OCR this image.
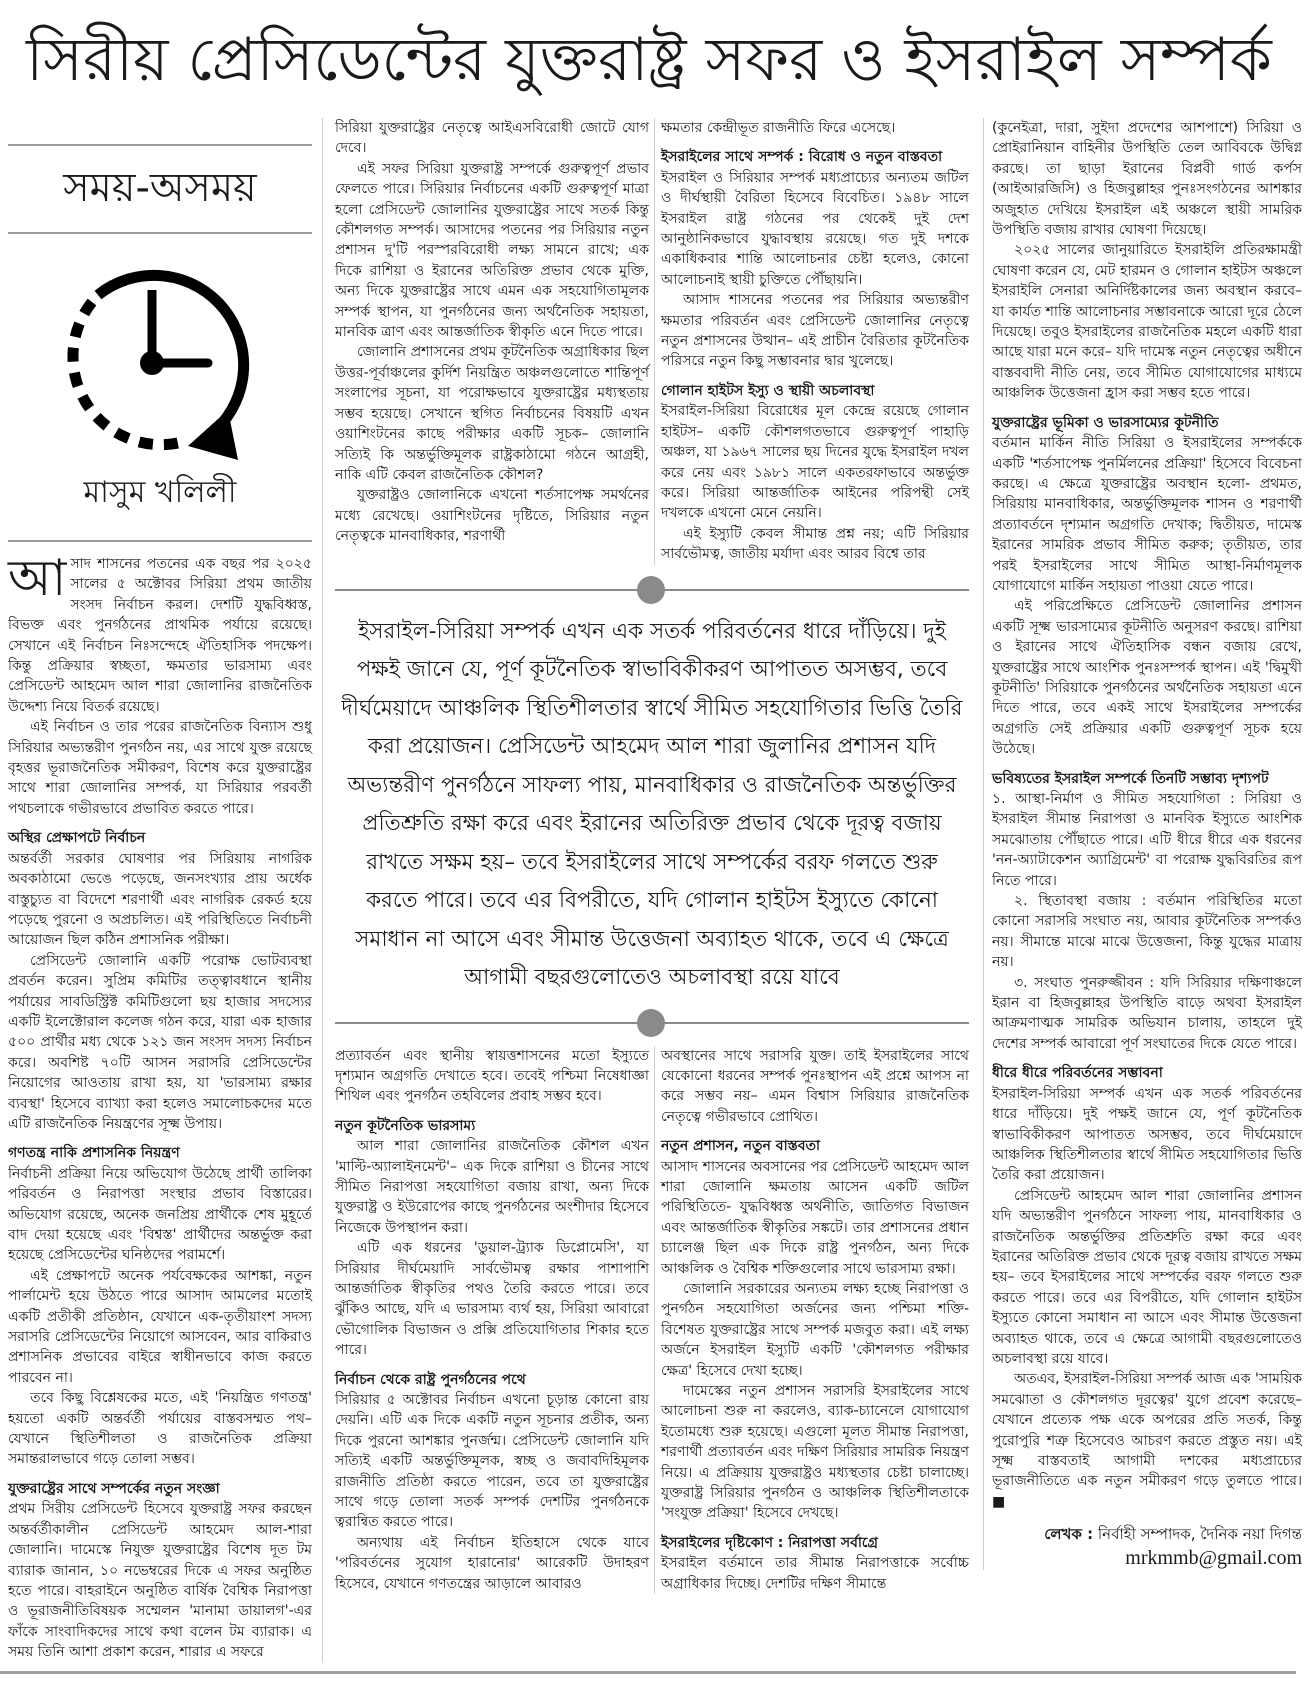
সিরীয় প্রেসিডেন্টের যুক্তরাষ্ট্র সফর ও ইসরাইল সম্পর্ক
সময়-অসময়
মাসুম খলিলী
আ সাদ শাসনের পতনের এক বছর পর ২০২৫ সালের ৫ অক্টোবর সিরিয়া প্রথম জাতীয় সংসদ নির্বাচন করল। দেশটি যুদ্ধবিধ্বস্ত, বিভক্ত এবং পুনর্গঠনের প্রাথমিক পর্যায়ে রয়েছে। সেখানে এই নির্বাচন নিঃসন্দেহে ঐতিহাসিক পদক্ষেপ। কিন্তু প্রক্রিয়ার স্বচ্ছতা, ক্ষমতার ভারসাম্য এবং প্রেসিডেন্ট আহমেদ আল শারা জোলানির রাজনৈতিক উদ্দেশ্য নিয়ে বিতর্ক রয়েছে।

এই নির্বাচন ও তার পরের রাজনৈতিক বিন্যাস শুধু সিরিয়ার অভ্যন্তরীণ পুনর্গঠন নয়, এর সাথে যুক্ত রয়েছে বৃহত্তর ভূরাজনৈতিক সমীকরণ, বিশেষ করে যুক্তরাষ্ট্রের সাথে শারা জোলানির সম্পর্ক, যা সিরিয়ার পরবর্তী পথচলাকে গভীরভাবে প্রভাবিত করতে পারে।

অস্থির প্রেক্ষাপটে নির্বাচন

অন্তর্বর্তী সরকার ঘোষণার পর সিরিয়ায় নাগরিক অবকাঠামো ভেঙে পড়েছে, জনসংখ্যার প্রায় অর্ধেক বাস্তুচ্যুত বা বিদেশে শরণার্থী এবং নাগরিক রেকর্ড হয়ে পড়েছে পুরনো ও অপ্রচলিত। এই পরিস্থিতিতে নির্বাচনী আয়োজন ছিল কঠিন প্রশাসনিক পরীক্ষা।

প্রেসিডেন্ট জোলানি একটি পরোক্ষ ভোটব্যবস্থা প্রবর্তন করেন। সুপ্রিম কমিটির তত্ত্বাবধানে স্থানীয় পর্যায়ের সাবডিস্ট্রিক্ট কমিটিগুলো ছয় হাজার সদস্যের একটি ইলেক্টোরাল কলেজ গঠন করে, যারা এক হাজার ৫০০ প্রার্থীর মধ্য থেকে ১২১ জন সংসদ সদস্য নির্বাচন করে। অবশিষ্ট ৭০টি আসন সরাসরি প্রেসিডেন্টের নিয়োগের আওতায় রাখা হয়, যা 'ভারসাম্য রক্ষার ব্যবস্থা' হিসেবে ব্যাখ্যা করা হলেও সমালোচকদের মতে এটি রাজনৈতিক নিয়ন্ত্রণের সূক্ষ্ম উপায়।

গণতন্ত্র নাকি প্রশাসনিক নিয়ন্ত্রণ

নির্বাচনী প্রক্রিয়া নিয়ে অভিযোগ উঠেছে প্রার্থী তালিকা পরিবর্তন ও নিরাপত্তা সংস্থার প্রভাব বিস্তারের। অভিযোগ রয়েছে, অনেক জনপ্রিয় প্রার্থীকে শেষ মুহূর্তে বাদ দেয়া হয়েছে এবং 'বিশ্বস্ত' প্রার্থীদের অন্তর্ভুক্ত করা হয়েছে প্রেসিডেন্টের ঘনিষ্ঠদের পরামর্শে।

এই প্রেক্ষাপটে অনেক পর্যবেক্ষকের আশঙ্কা, নতুন পার্লামেন্ট হয়ে উঠতে পারে আসাদ আমলের মতোই একটি প্রতীকী প্রতিষ্ঠান, যেখানে এক-তৃতীয়াংশ সদস্য সরাসরি প্রেসিডেন্টের নিয়োগে আসবেন, আর বাকিরাও প্রশাসনিক প্রভাবের বাইরে স্বাধীনভাবে কাজ করতে পারবেন না।

তবে কিছু বিশ্লেষকের মতে, এই 'নিয়ন্ত্রিত গণতন্ত্র' হয়তো একটি অন্তর্বর্তী পর্যায়ের বাস্তবসম্মত পথ– যেখানে স্থিতিশীলতা ও রাজনৈতিক প্রক্রিয়া সমান্তরালভাবে গড়ে তোলা সম্ভব।

যুক্তরাষ্ট্রের সাথে সম্পর্কের নতুন সংজ্ঞা

প্রথম সিরীয় প্রেসিডেন্ট হিসেবে যুক্তরাষ্ট্র সফর করছেন অন্তর্বর্তীকালীন প্রেসিডেন্ট আহমেদ আল-শারা জোলানি। দামেস্কে নিযুক্ত যুক্তরাষ্ট্রের বিশেষ দূত টম ব্যারাক জানান, ১০ নভেম্বরের দিকে এ সফর অনুষ্ঠিত হতে পারে। বাহরাইনে অনুষ্ঠিত বার্ষিক বৈশ্বিক নিরাপত্তা ও ভূরাজনীতিবিষয়ক সম্মেলন 'মানামা ডায়ালগ'-এর ফাঁকে সাংবাদিকদের সাথে কথা বলেন টম ব্যারাক। এ সময় তিনি আশা প্রকাশ করেন, শারার এ সফরে

সিরিয়া যুক্তরাষ্ট্রের নেতৃত্বে আইএসবিরোধী জোটে যোগ দেবে।

এই সফর সিরিয়া যুক্তরাষ্ট্র সম্পর্কে গুরুত্বপূর্ণ প্রভাব ফেলতে পারে। সিরিয়ার নির্বাচনের একটি গুরুত্বপূর্ণ মাত্রা হলো প্রেসিডেন্ট জোলানির যুক্তরাষ্ট্রের সাথে সতর্ক কিন্তু কৌশলগত সম্পর্ক। আসাদের পতনের পর সিরিয়ার নতুন প্রশাসন দু'টি পরস্পরবিরোধী লক্ষ্য সামনে রাখে; এক দিকে রাশিয়া ও ইরানের অতিরিক্ত প্রভাব থেকে মুক্তি, অন্য দিকে যুক্তরাষ্ট্রের সাথে এমন এক সহযোগিতামূলক সম্পর্ক স্থাপন, যা পুনর্গঠনের জন্য অর্থনৈতিক সহায়তা, মানবিক ত্রাণ এবং আন্তর্জাতিক স্বীকৃতি এনে দিতে পারে।

জোলানি প্রশাসনের প্রথম কূটনৈতিক অগ্রাধিকার ছিল উত্তর-পূর্বাঞ্চলের কুর্দিশ নিয়ন্ত্রিত অঞ্চলগুলোতে শান্তিপূর্ণ সংলাপের সূচনা, যা পরোক্ষভাবে যুক্তরাষ্ট্রের মধ্যস্থতায় সম্ভব হয়েছে। সেখানে স্থগিত নির্বাচনের বিষয়টি এখন ওয়াশিংটনের কাছে পরীক্ষার একটি সূচক– জোলানি সত্যিই কি অন্তর্ভুক্তিমূলক রাষ্ট্রকাঠামো গঠনে আগ্রহী, নাকি এটি কেবল রাজনৈতিক কৌশল?

যুক্তরাষ্ট্রও জোলানিকে এখনো শর্তসাপেক্ষ সমর্থনের মধ্যে রেখেছে। ওয়াশিংটনের দৃষ্টিতে, সিরিয়ার নতুন নেতৃত্বকে মানবাধিকার, শরণার্থী

ক্ষমতার কেন্দ্রীভূত রাজনীতি ফিরে এসেছে।

ইসরাইলের সাথে সম্পর্ক : বিরোধ ও নতুন বাস্তবতা

ইসরাইল ও সিরিয়ার সম্পর্ক মধ্যপ্রাচ্যের অন্যতম জটিল ও দীর্ঘস্থায়ী বৈরিতা হিসেবে বিবেচিত। ১৯৪৮ সালে ইসরাইল রাষ্ট্র গঠনের পর থেকেই দুই দেশ আনুষ্ঠানিকভাবে যুদ্ধাবস্থায় রয়েছে। গত দুই দশকে একাধিকবার শান্তি আলোচনার চেষ্টা হলেও, কোনো আলোচনাই স্থায়ী চুক্তিতে পৌঁছায়নি।

আসাদ শাসনের পতনের পর সিরিয়ার অভ্যন্তরীণ ক্ষমতার পরিবর্তন এবং প্রেসিডেন্ট জোলানির নেতৃত্বে নতুন প্রশাসনের উত্থান– এই প্রাচীন বৈরিতার কূটনৈতিক পরিসরে নতুন কিছু সম্ভাবনার দ্বার খুলেছে।

গোলান হাইটস ইস্যু ও স্থায়ী অচলাবস্থা

ইসরাইল-সিরিয়া বিরোধের মূল কেন্দ্রে রয়েছে গোলান হাইটস– একটি কৌশলগতভাবে গুরুত্বপূর্ণ পাহাড়ি অঞ্চল, যা ১৯৬৭ সালের ছয় দিনের যুদ্ধে ইসরাইল দখল করে নেয় এবং ১৯৮১ সালে একতরফাভাবে অন্তর্ভুক্ত করে। সিরিয়া আন্তর্জাতিক আইনের পরিপন্থী সেই দখলকে এখনো মেনে নেয়নি।

এই ইস্যুটি কেবল সীমান্ত প্রশ্ন নয়; এটি সিরিয়ার সার্বভৌমত্ব, জাতীয় মর্যাদা এবং আরব বিশ্বে তার

ইসরাইল-সিরিয়া সম্পর্ক এখন এক সতর্ক পরিবর্তনের ধারে দাঁড়িয়ে। দুই পক্ষই জানে যে, পূর্ণ কূটনৈতিক স্বাভাবিকীকরণ আপাতত অসম্ভব, তবে দীর্ঘমেয়াদে আঞ্চলিক স্থিতিশীলতার স্বার্থে সীমিত সহযোগিতার ভিত্তি তৈরি করা প্রয়োজন। প্রেসিডেন্ট আহমেদ আল শারা জুলানির প্রশাসন যদি অভ্যন্তরীণ পুনর্গঠনে সাফল্য পায়, মানবাধিকার ও রাজনৈতিক অন্তর্ভুক্তির প্রতিশ্রুতি রক্ষা করে এবং ইরানের অতিরিক্ত প্রভাব থেকে দূরত্ব বজায় রাখতে সক্ষম হয়– তবে ইসরাইলের সাথে সম্পর্কের বরফ গলতে শুরু করতে পারে। তবে এর বিপরীতে, যদি গোলান হাইটস ইস্যুতে কোনো সমাধান না আসে এবং সীমান্ত উত্তেজনা অব্যাহত থাকে, তবে এ ক্ষেত্রে আগামী বছরগুলোতেও অচলাবস্থা রয়ে যাবে

প্রত্যাবর্তন এবং স্থানীয় স্বায়ত্তশাসনের মতো ইস্যুতে দৃশ্যমান অগ্রগতি দেখাতে হবে। তবেই পশ্চিমা নিষেধাজ্ঞা শিথিল এবং পুনর্গঠন তহবিলের প্রবাহ সম্ভব হবে।

নতুন কূটনৈতিক ভারসাম্য

আল শারা জোলানির রাজনৈতিক কৌশল এখন 'মাল্টি-অ্যালাইনমেন্ট'– এক দিকে রাশিয়া ও চীনের সাথে সীমিত নিরাপত্তা সহযোগিতা বজায় রাখা, অন্য দিকে যুক্তরাষ্ট্র ও ইউরোপের কাছে পুনর্গঠনের অংশীদার হিসেবে নিজেকে উপস্থাপন করা।

এটি এক ধরনের 'ডুয়াল-ট্র্যাক ডিপ্লোমেসি', যা সিরিয়ার দীর্ঘমেয়াদি সার্বভৌমত্ব রক্ষার পাশাপাশি আন্তর্জাতিক স্বীকৃতির পথও তৈরি করতে পারে। তবে ঝুঁকিও আছে, যদি এ ভারসাম্য ব্যর্থ হয়, সিরিয়া আবারো ভৌগোলিক বিভাজন ও প্রক্সি প্রতিযোগিতার শিকার হতে পারে।

নির্বাচন থেকে রাষ্ট্র পুনর্গঠনের পথে

সিরিয়ার ৫ অক্টোবর নির্বাচন এখনো চূড়ান্ত কোনো রায় দেয়নি। এটি এক দিকে একটি নতুন সূচনার প্রতীক, অন্য দিকে পুরনো আশঙ্কার পুনর্জন্ম। প্রেসিডেন্ট জোলানি যদি সত্যিই একটি অন্তর্ভুক্তিমূলক, স্বচ্ছ ও জবাবদিহিমূলক রাজনীতি প্রতিষ্ঠা করতে পারেন, তবে তা যুক্তরাষ্ট্রের সাথে গড়ে তোলা সতর্ক সম্পর্ক দেশটির পুনর্গঠনকে ত্বরান্বিত করতে পারে।

অন্যথায় এই নির্বাচন ইতিহাসে থেকে যাবে 'পরিবর্তনের সুযোগ হারানোর' আরেকটি উদাহরণ হিসেবে, যেখানে গণতন্ত্রের আড়ালে আবারও

অবস্থানের সাথে সরাসরি যুক্ত। তাই ইসরাইলের সাথে যেকোনো ধরনের সম্পর্ক পুনঃস্থাপন এই প্রশ্নে আপস না করে সম্ভব নয়– এমন বিশ্বাস সিরিয়ার রাজনৈতিক নেতৃত্বে গভীরভাবে প্রোথিত।

নতুন প্রশাসন, নতুন বাস্তবতা

আসাদ শাসনের অবসানের পর প্রেসিডেন্ট আহমেদ আল শারা জোলানি ক্ষমতায় আসেন একটি জটিল পরিস্থিতিতে- যুদ্ধবিধ্বস্ত অর্থনীতি, জাতিগত বিভাজন এবং আন্তর্জাতিক স্বীকৃতির সঙ্কটে। তার প্রশাসনের প্রধান চ্যালেঞ্জ ছিল এক দিকে রাষ্ট্র পুনর্গঠন, অন্য দিকে আঞ্চলিক ও বৈশ্বিক শক্তিগুলোর সাথে ভারসাম্য রক্ষা।

জোলানি সরকারের অন্যতম লক্ষ্য হচ্ছে নিরাপত্তা ও পুনর্গঠন সহযোগিতা অর্জনের জন্য পশ্চিমা শক্তি-বিশেষত যুক্তরাষ্ট্রের সাথে সম্পর্ক মজবুত করা। এই লক্ষ্য অর্জনে ইসরাইল ইস্যুটি একটি 'কৌশলগত পরীক্ষার ক্ষেত্র' হিসেবে দেখা হচ্ছে।

দামেস্কের নতুন প্রশাসন সরাসরি ইসরাইলের সাথে আলোচনা শুরু না করলেও, ব্যাক-চ্যানেলে যোগাযোগ ইতোমধ্যে শুরু হয়েছে। এগুলো মূলত সীমান্ত নিরাপত্তা, শরণার্থী প্রত্যাবর্তন এবং দক্ষিণ সিরিয়ার সামরিক নিয়ন্ত্রণ নিয়ে। এ প্রক্রিয়ায় যুক্তরাষ্ট্রও মধ্যস্থতার চেষ্টা চালাচ্ছে। যুক্তরাষ্ট্র সিরিয়ার পুনর্গঠন ও আঞ্চলিক স্থিতিশীলতাকে 'সংযুক্ত প্রক্রিয়া' হিসেবে দেখছে।

ইসরাইলের দৃষ্টিকোণ : নিরাপত্তা সর্বাগ্রে

ইসরাইল বর্তমানে তার সীমান্ত নিরাপত্তাকে সর্বোচ্চ অগ্রাধিকার দিচ্ছে। দেশটির দক্ষিণ সীমান্তে

(কুনেইত্রা, দারা, সুইদা প্রদেশের আশপাশে) সিরিয়া ও প্রোইরানিয়ান বাহিনীর উপস্থিতি তেল আবিবকে উদ্বিগ্ন করছে। তা ছাড়া ইরানের বিপ্লবী গার্ড কর্পস (আইআরজিসি) ও হিজবুল্লাহর পুনঃসংগঠনের আশঙ্কার অজুহাত দেখিয়ে ইসরাইল এই অঞ্চলে স্থায়ী সামরিক উপস্থিতি বজায় রাখার ঘোষণা দিয়েছে।

২০২৫ সালের জানুয়ারিতে ইসরাইলি প্রতিরক্ষামন্ত্রী ঘোষণা করেন যে, মেট হারমন ও গোলান হাইটস অঞ্চলে ইসরাইলি সেনারা অনির্দিষ্টকালের জন্য অবস্থান করবে– যা কার্যত শান্তি আলোচনার সম্ভাবনাকে আরো দূরে ঠেলে দিয়েছে। তবুও ইসরাইলের রাজনৈতিক মহলে একটি ধারা আছে যারা মনে করে– যদি দামেস্ক নতুন নেতৃত্বের অধীনে বাস্তববাদী নীতি নেয়, তবে সীমিত যোগাযোগের মাধ্যমে আঞ্চলিক উত্তেজনা হ্রাস করা সম্ভব হতে পারে।

যুক্তরাষ্ট্রের ভূমিকা ও ভারসাম্যের কূটনীতি

বর্তমান মার্কিন নীতি সিরিয়া ও ইসরাইলের সম্পর্ককে একটি 'শর্তসাপেক্ষ পুনর্মিলনের প্রক্রিয়া' হিসেবে বিবেচনা করছে। এ ক্ষেত্রে যুক্তরাষ্ট্রের অবস্থান হলো- প্রথমত, সিরিয়ায় মানবাধিকার, অন্তর্ভুক্তিমূলক শাসন ও শরণার্থী প্রত্যাবর্তনে দৃশ্যমান অগ্রগতি দেখাক; দ্বিতীয়ত, দামেস্ক ইরানের সামরিক প্রভাব সীমিত করুক; তৃতীয়ত, তার পরই ইসরাইলের সাথে সীমিত আস্থা-নির্মাণমূলক যোগাযোগে মার্কিন সহায়তা পাওয়া যেতে পারে।

এই পরিপ্রেক্ষিতে প্রেসিডেন্ট জোলানির প্রশাসন একটি সূক্ষ্ম ভারসাম্যের কূটনীতি অনুসরণ করছে। রাশিয়া ও ইরানের সাথে ঐতিহাসিক বন্ধন বজায় রেখে, যুক্তরাষ্ট্রের সাথে আংশিক পুনঃসম্পর্ক স্থাপন। এই 'দ্বিমুখী কূটনীতি' সিরিয়াকে পুনর্গঠনের অর্থনৈতিক সহায়তা এনে দিতে পারে, তবে একই সাথে ইসরাইলের সম্পর্কের অগ্রগতি সেই প্রক্রিয়ার একটি গুরুত্বপূর্ণ সূচক হয়ে উঠেছে।

ভবিষ্যতের ইসরাইল সম্পর্কে তিনটি সম্ভাব্য দৃশ্যপট

১. আস্থা-নির্মাণ ও সীমিত সহযোগিতা : সিরিয়া ও ইসরাইল সীমান্ত নিরাপত্তা ও মানবিক ইস্যুতে আংশিক সমঝোতায় পৌঁছাতে পারে। এটি ধীরে ধীরে এক ধরনের 'নন-অ্যাটাকেশন অ্যাগ্রিমেন্ট' বা পরোক্ষ যুদ্ধবিরতির রূপ নিতে পারে।

২. স্থিতাবস্থা বজায় : বর্তমান পরিস্থিতির মতো কোনো সরাসরি সংঘাত নয়, আবার কূটনৈতিক সম্পর্কও নয়। সীমান্তে মাঝে মাঝে উত্তেজনা, কিন্তু যুদ্ধের মাত্রায় নয়।

৩. সংঘাত পুনরুজ্জীবন : যদি সিরিয়ার দক্ষিণাঞ্চলে ইরান বা হিজবুল্লাহর উপস্থিতি বাড়ে অথবা ইসরাইল আক্রমণাত্মক সামরিক অভিযান চালায়, তাহলে দুই দেশের সম্পর্ক আবারো পূর্ণ সংঘাতের দিকে যেতে পারে।

ধীরে ধীরে পরিবর্তনের সম্ভাবনা

ইসরাইল-সিরিয়া সম্পর্ক এখন এক সতর্ক পরিবর্তনের ধারে দাঁড়িয়ে। দুই পক্ষই জানে যে, পূর্ণ কূটনৈতিক স্বাভাবিকীকরণ আপাতত অসম্ভব, তবে দীর্ঘমেয়াদে আঞ্চলিক স্থিতিশীলতার স্বার্থে সীমিত সহযোগিতার ভিত্তি তৈরি করা প্রয়োজন।

প্রেসিডেন্ট আহমেদ আল শারা জোলানির প্রশাসন যদি অভ্যন্তরীণ পুনর্গঠনে সাফল্য পায়, মানবাধিকার ও রাজনৈতিক অন্তর্ভুক্তির প্রতিশ্রুতি রক্ষা করে এবং ইরানের অতিরিক্ত প্রভাব থেকে দূরত্ব বজায় রাখতে সক্ষম হয়– তবে ইসরাইলের সাথে সম্পর্কের বরফ গলতে শুরু করতে পারে। তবে এর বিপরীতে, যদি গোলান হাইটস ইস্যুতে কোনো সমাধান না আসে এবং সীমান্ত উত্তেজনা অব্যাহত থাকে, তবে এ ক্ষেত্রে আগামী বছরগুলোতেও অচলাবস্থা রয়ে যাবে।

অতএব, ইসরাইল-সিরিয়া সম্পর্ক আজ এক 'সাময়িক সমঝোতা ও কৌশলগত দূরত্বের' যুগে প্রবেশ করেছে– যেখানে প্রত্যেক পক্ষ একে অপরের প্রতি সতর্ক, কিন্তু পুরোপুরি শত্রু হিসেবেও আচরণ করতে প্রস্তুত নয়। এই সূক্ষ্ম বাস্তবতাই আগামী দশকের মধ্যপ্রাচ্যের ভূরাজনীতিতে এক নতুন সমীকরণ গড়ে তুলতে পারে। ■

লেখক : নির্বাহী সম্পাদক, দৈনিক নয়া দিগন্ত
mrkmmb@gmail.com
